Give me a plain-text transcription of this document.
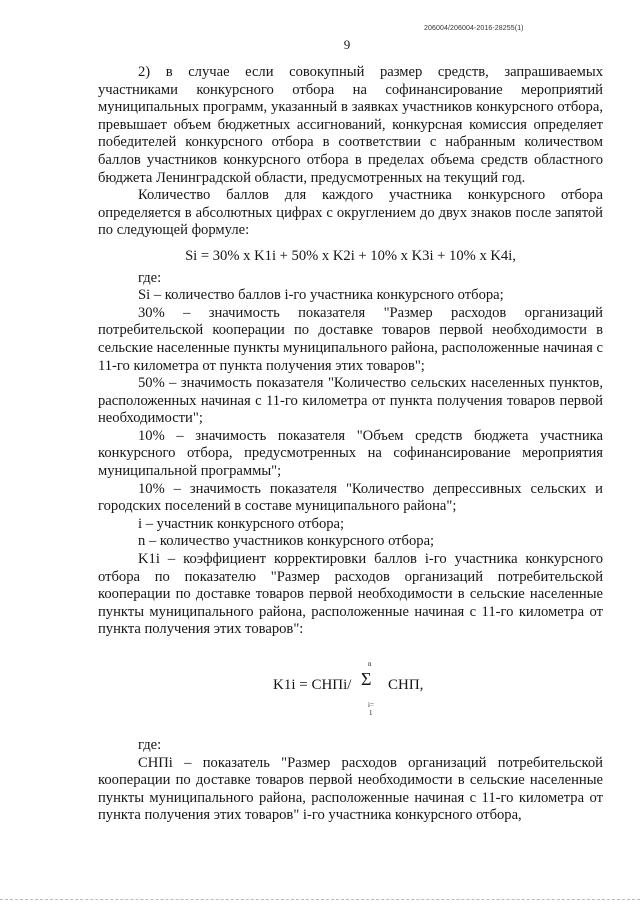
206004/206004-2016-28255(1)
9

2) в случае если совокупный размер средств, запрашиваемых участниками конкурсного отбора на софинансирование мероприятий муниципальных программ, указанный в заявках участников конкурсного отбора, превышает объем бюджетных ассигнований, конкурсная комиссия определяет победителей конкурсного отбора в соответствии с набранным количеством баллов участников конкурсного отбора в пределах объема средств областного бюджета Ленинградской области, предусмотренных на текущий год.

Количество баллов для каждого участника конкурсного отбора определяется в абсолютных цифрах с округлением до двух знаков после запятой по следующей формуле:

Si = 30% х K1i + 50% х K2i + 10% х K3i + 10% х K4i,
где:

Si – количество баллов i-го участника конкурсного отбора;

30% – значимость показателя "Размер расходов организаций потребительской кооперации по доставке товаров первой необходимости в сельские населенные пункты муниципального района, расположенные начиная с 11-го километра от пункта получения этих товаров";

50% – значимость показателя "Количество сельских населенных пунктов, расположенных начиная с 11-го километра от пункта получения товаров первой необходимости";

10% – значимость показателя "Объем средств бюджета участника конкурсного отбора, предусмотренных на софинансирование мероприятия муниципальной программы";

10% – значимость показателя "Количество депрессивных сельских и городских поселений в составе муниципального района";

i – участник конкурсного отбора;

n – количество участников конкурсного отбора;

K1i – коэффициент корректировки баллов i-го участника конкурсного отбора по показателю "Размер расходов организаций потребительской кооперации по доставке товаров первой необходимости в сельские населенные пункты муниципального района, расположенные начиная с 11-го километра от пункта получения этих товаров":

K1i = СНПi/
n
Σ
i=
1
СНП,
где:

СНПi – показатель "Размер расходов организаций потребительской кооперации по доставке товаров первой необходимости в сельские населенные пункты муниципального района, расположенные начиная с 11-го километра от пункта получения этих товаров" i-го участника конкурсного отбора,
